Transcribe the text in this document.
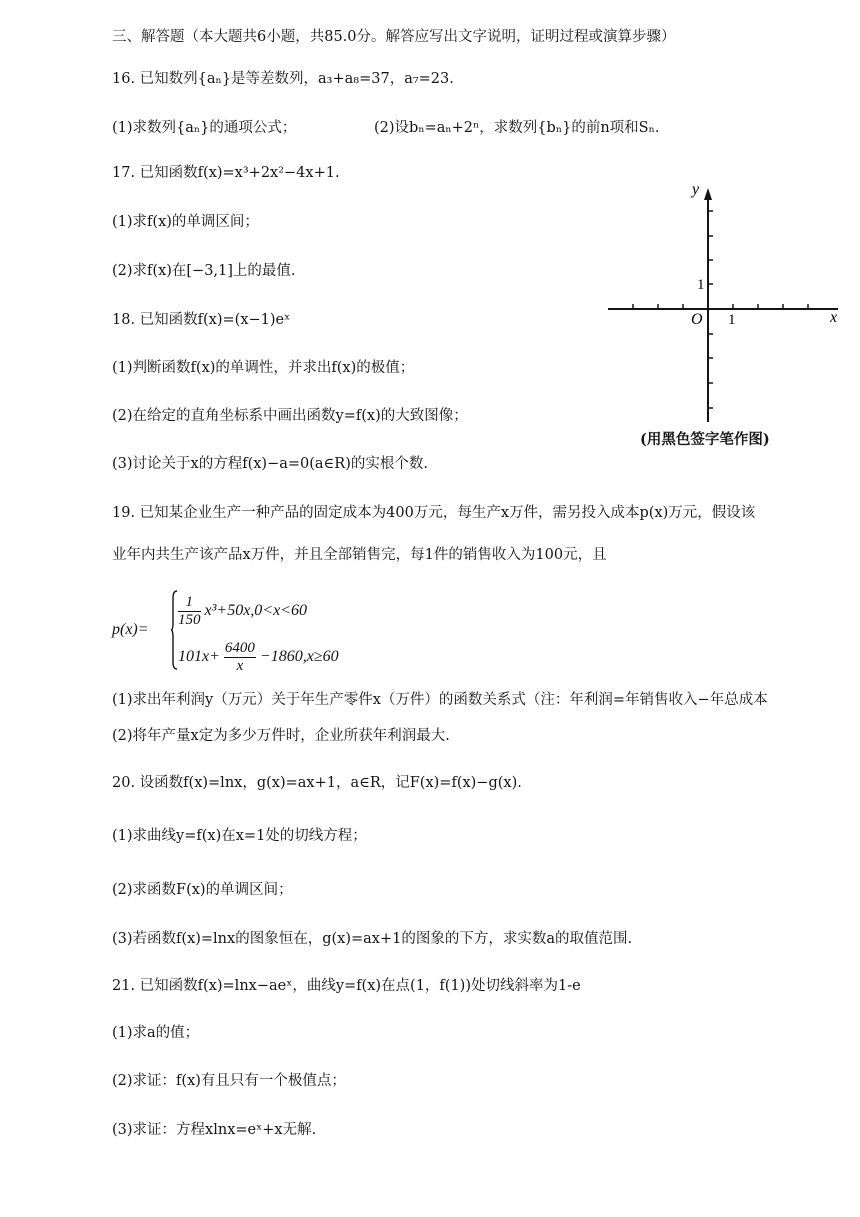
三、解答题（本大题共6小题，共85.0分。解答应写出文字说明，证明过程或演算步骤）
16. 已知数列{aₙ}是等差数列，a₃+a₈=37，a₇=23.
(1)求数列{aₙ}的通项公式；	(2)设bₙ=aₙ+2ⁿ，求数列{bₙ}的前n项和Sₙ.
17. 已知函数f(x)=x³+2x²−4x+1.
(1)求f(x)的单调区间；
(2)求f(x)在[−3,1]上的最值.
18. 已知函数f(x)=(x−1)eˣ
(1)判断函数f(x)的单调性，并求出f(x)的极值；
(2)在给定的直角坐标系中画出函数y=f(x)的大致图像；
(3)讨论关于x的方程f(x)−a=0(a∈R)的实根个数.
y
x
O 1
1
(用黑色签字笔作图)
19. 已知某企业生产一种产品的固定成本为400万元，每生产x万件，需另投入成本p(x)万元，假设该
业年内共生产该产品x万件，并且全部销售完，每1件的销售收入为100元，且
p(x)=
$\frac{1}{150} x^3+50x,0<x<60$
$101x+ \frac{6400}{x} -1860,x\ge 60$
(1)求出年利润y（万元）关于年生产零件x（万件）的函数关系式（注：年利润=年销售收入−年总成本
(2)将年产量x定为多少万件时，企业所获年利润最大.
20. 设函数f(x)=lnx，g(x)=ax+1，a∈R，记F(x)=f(x)−g(x).
(1)求曲线y=f(x)在x=1处的切线方程；
(2)求函数F(x)的单调区间；
(3)若函数f(x)=lnx的图象恒在，g(x)=ax+1的图象的下方，求实数a的取值范围.
21. 已知函数f(x)=lnx−aeˣ，曲线y=f(x)在点(1，f(1))处切线斜率为1-e
(1)求a的值；
(2)求证：f(x)有且只有一个极值点；
(3)求证：方程xlnx=eˣ+x无解.
